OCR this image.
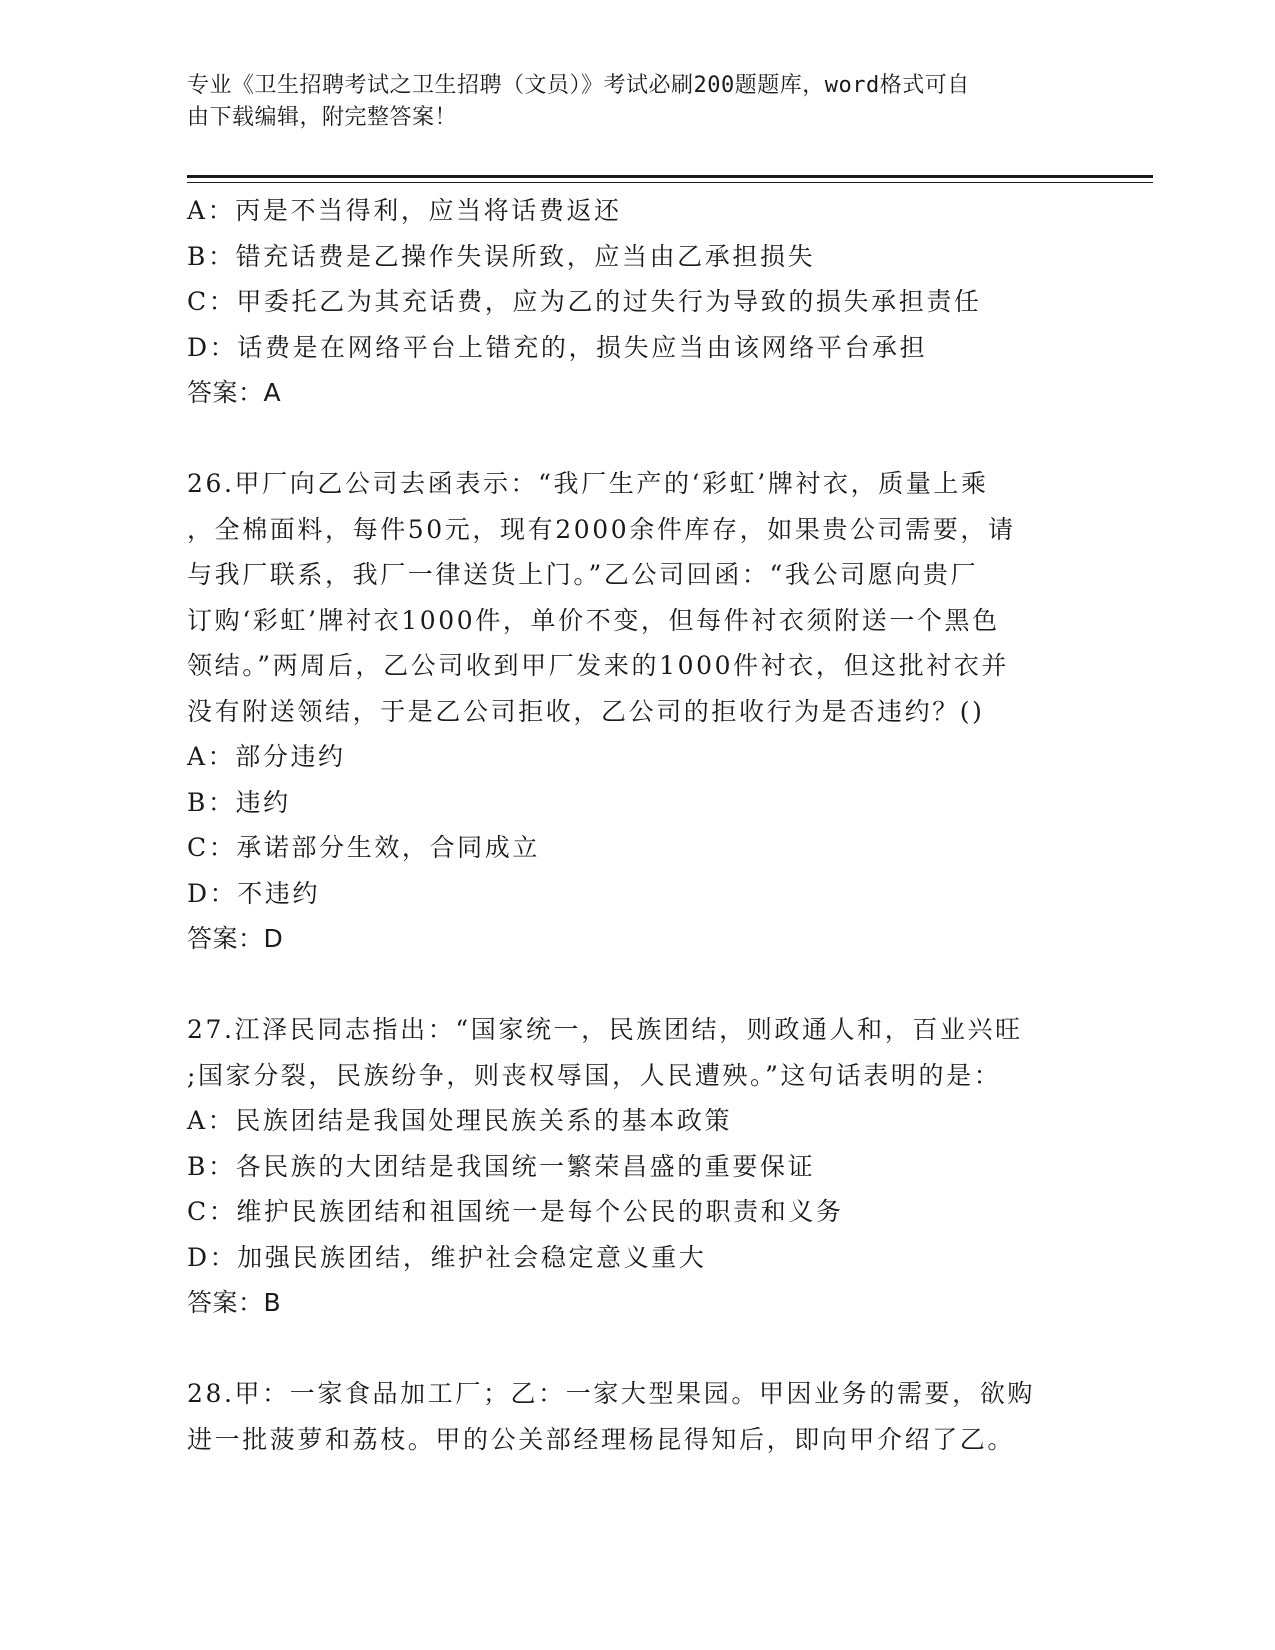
专业《卫生招聘考试之卫生招聘（文员）》考试必刷200题题库，word格式可自
由下载编辑，附完整答案！
A：丙是不当得利，应当将话费返还
B：错充话费是乙操作失误所致，应当由乙承担损失
C：甲委托乙为其充话费，应为乙的过失行为导致的损失承担责任
D：话费是在网络平台上错充的，损失应当由该网络平台承担
答案：A
26.甲厂向乙公司去函表示：“我厂生产的‘彩虹’牌衬衣，质量上乘
，全棉面料，每件50元，现有2000余件库存，如果贵公司需要，请
与我厂联系，我厂一律送货上门。”乙公司回函：“我公司愿向贵厂
订购‘彩虹’牌衬衣1000件，单价不变，但每件衬衣须附送一个黑色
领结。”两周后，乙公司收到甲厂发来的1000件衬衣，但这批衬衣并
没有附送领结，于是乙公司拒收，乙公司的拒收行为是否违约？()
A：部分违约
B：违约
C：承诺部分生效，合同成立
D：不违约
答案：D
27.江泽民同志指出：“国家统一，民族团结，则政通人和，百业兴旺
;国家分裂，民族纷争，则丧权辱国，人民遭殃。”这句话表明的是：
A：民族团结是我国处理民族关系的基本政策
B：各民族的大团结是我国统一繁荣昌盛的重要保证
C：维护民族团结和祖国统一是每个公民的职责和义务
D：加强民族团结，维护社会稳定意义重大
答案：B
28.甲：一家食品加工厂；乙：一家大型果园。甲因业务的需要，欲购
进一批菠萝和荔枝。甲的公关部经理杨昆得知后，即向甲介绍了乙。
